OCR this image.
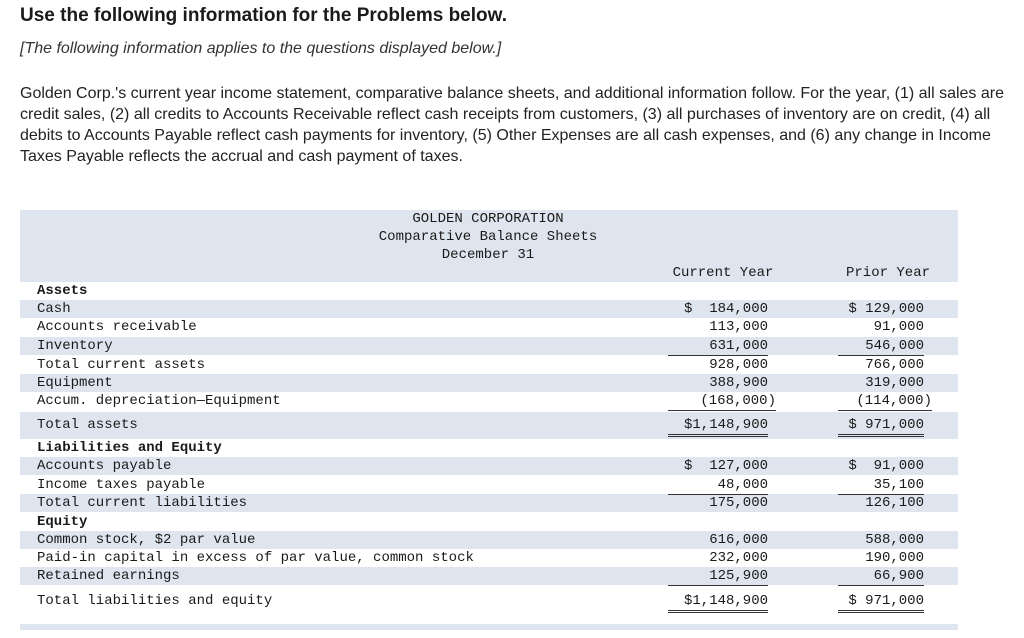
Use the following information for the Problems below.
[The following information applies to the questions displayed below.]
Golden Corp.'s current year income statement, comparative balance sheets, and additional information follow. For the year, (1) all sales are credit sales, (2) all credits to Accounts Receivable reflect cash receipts from customers, (3) all purchases of inventory are on credit, (4) all debits to Accounts Payable reflect cash payments for inventory, (5) Other Expenses are all cash expenses, and (6) any change in Income Taxes Payable reflects the accrual and cash payment of taxes.
GOLDEN CORPORATION
Comparative Balance Sheets
December 31
Current Year	Prior Year
Assets
Liabilities and Equity
Equity
Cash	$  184,000	$ 129,000
Accounts receivable	113,000	91,000
Inventory	631,000	546,000
Total current assets	928,000	766,000
Equipment	388,900	319,000
Accum. depreciation—Equipment	(168,000)	(114,000)
Total assets	$1,148,900	$ 971,000
Accounts payable	$  127,000	$  91,000
Income taxes payable	48,000	35,100
Total current liabilities	175,000	126,100
Common stock, $2 par value	616,000	588,000
Paid-in capital in excess of par value, common stock	232,000	190,000
Retained earnings	125,900	66,900
Total liabilities and equity	$1,148,900	$ 971,000
